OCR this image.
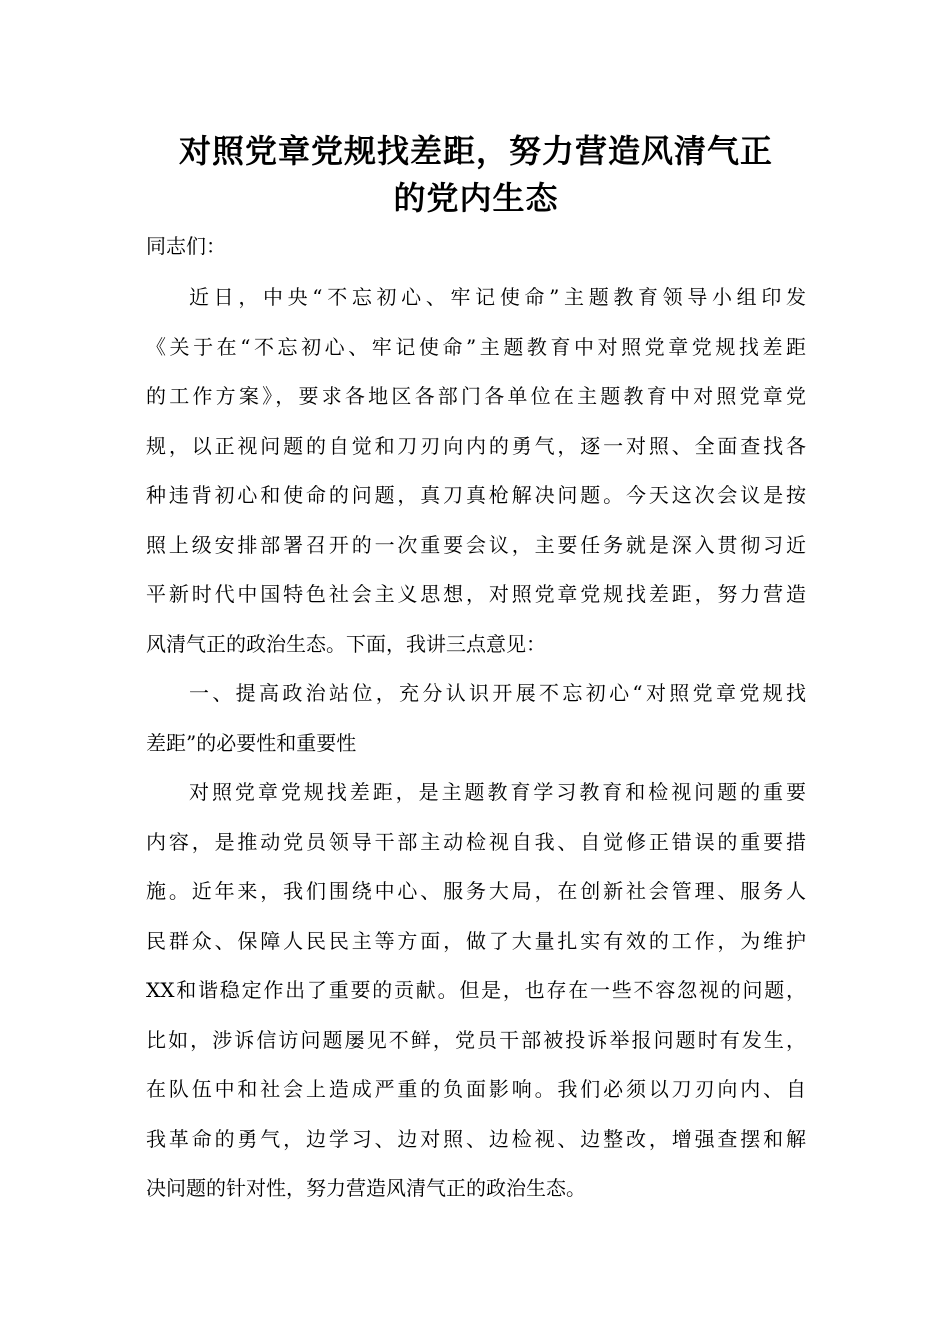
对照党章党规找差距，努力营造风清气正
的党内生态

同志们：

近日，中央“不忘初心、牢记使命”主题教育领导小组印发
《关于在“不忘初心、牢记使命”主题教育中对照党章党规找差距
的工作方案》，要求各地区各部门各单位在主题教育中对照党章党
规，以正视问题的自觉和刀刃向内的勇气，逐一对照、全面查找各
种违背初心和使命的问题，真刀真枪解决问题。今天这次会议是按
照上级安排部署召开的一次重要会议，主要任务就是深入贯彻习近
平新时代中国特色社会主义思想，对照党章党规找差距，努力营造
风清气正的政治生态。下面，我讲三点意见：
一、提高政治站位，充分认识开展不忘初心“对照党章党规找
差距”的必要性和重要性
对照党章党规找差距，是主题教育学习教育和检视问题的重要
内容，是推动党员领导干部主动检视自我、自觉修正错误的重要措
施。近年来，我们围绕中心、服务大局，在创新社会管理、服务人
民群众、保障人民民主等方面，做了大量扎实有效的工作，为维护
XX和谐稳定作出了重要的贡献。但是，也存在一些不容忽视的问题，
比如，涉诉信访问题屡见不鲜，党员干部被投诉举报问题时有发生，
在队伍中和社会上造成严重的负面影响。我们必须以刀刃向内、自
我革命的勇气，边学习、边对照、边检视、边整改，增强查摆和解
决问题的针对性，努力营造风清气正的政治生态。
